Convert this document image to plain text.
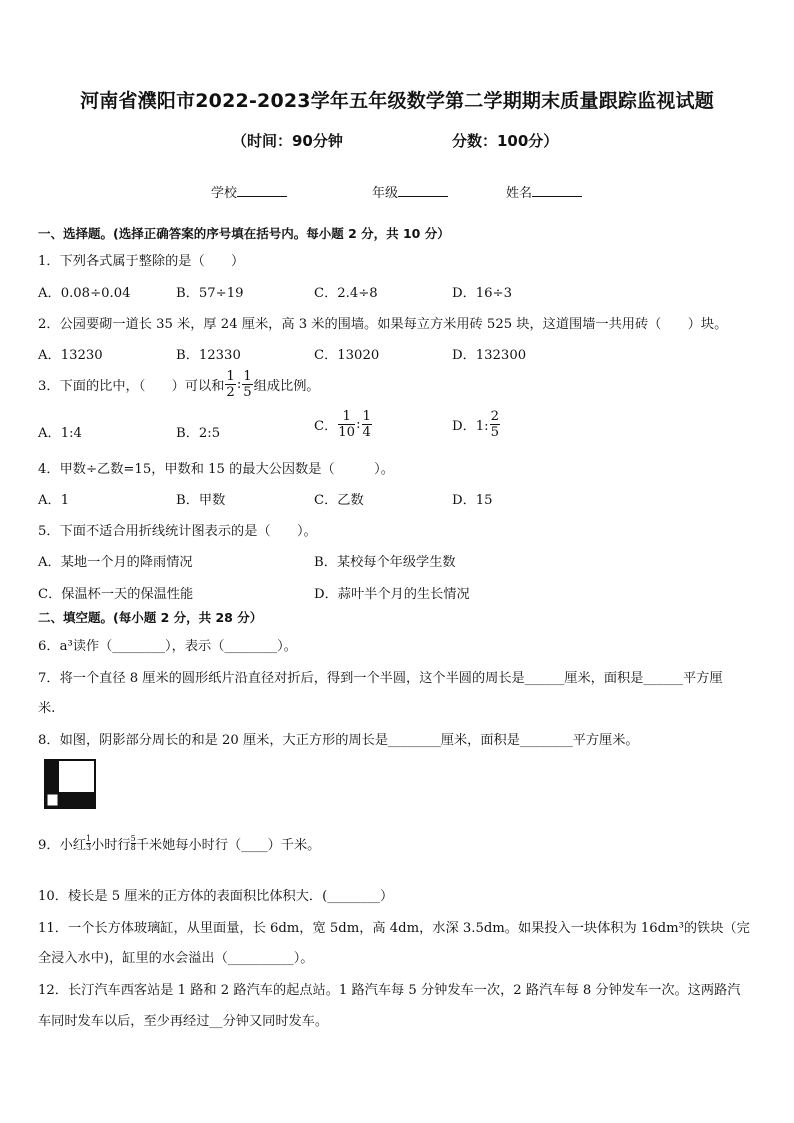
河南省濮阳市2022-2023学年五年级数学第二学期期末质量跟踪监视试题
（时间：90分钟	分数：100分）
学校	年级	姓名
一、选择题。(选择正确答案的序号填在括号内。每小题 2 分，共 10 分）
1．下列各式属于整除的是（　　）
A．0.08÷0.04	B．57÷19	C．2.4÷8	D．16÷3
2．公园要砌一道长 35 米，厚 24 厘米，高 3 米的围墙。如果每立方米用砖 525 块，这道围墙一共用砖（　　）块。
A．13230	B．12330	C．13020	D．132300
3．下面的比中，（　　）可以和 $\frac{1}{2}$ : $\frac{1}{5}$ 组成比例。
A．1:4	B．2:5	C． $\frac{1}{10}$ : $\frac{1}{4}$	D．1: $\frac{2}{5}$
4．甲数÷乙数=15，甲数和 15 的最大公因数是（　　　）。
A．1	B．甲数	C．乙数	D．15
5．下面不适合用折线统计图表示的是（　　）。
A．某地一个月的降雨情况	B．某校每个年级学生数
C．保温杯一天的保温性能	D．蒜叶半个月的生长情况
二、填空题。(每小题 2 分，共 28 分）
6．a³读作（________），表示（________）。
7．将一个直径 8 厘米的圆形纸片沿直径对折后，得到一个半圆，这个半圆的周长是______厘米，面积是______平方厘
米.
8．如图，阴影部分周长的和是 20 厘米，大正方形的周长是________厘米，面积是________平方厘米。
9．小红 $\frac{1}{3}$小时行 $\frac{5}{8}$千米她每小时行（____）千米。
10．棱长是 5 厘米的正方体的表面积比体积大．(________）
11．一个长方体玻璃缸，从里面量，长 6dm，宽 5dm，高 4dm，水深 3.5dm。如果投入一块体积为 16dm³的铁块（完
全浸入水中)，缸里的水会溢出（__________）。
12．长汀汽车西客站是 1 路和 2 路汽车的起点站。1 路汽车每 5 分钟发车一次，2 路汽车每 8 分钟发车一次。这两路汽
车同时发车以后，至少再经过__分钟又同时发车。
